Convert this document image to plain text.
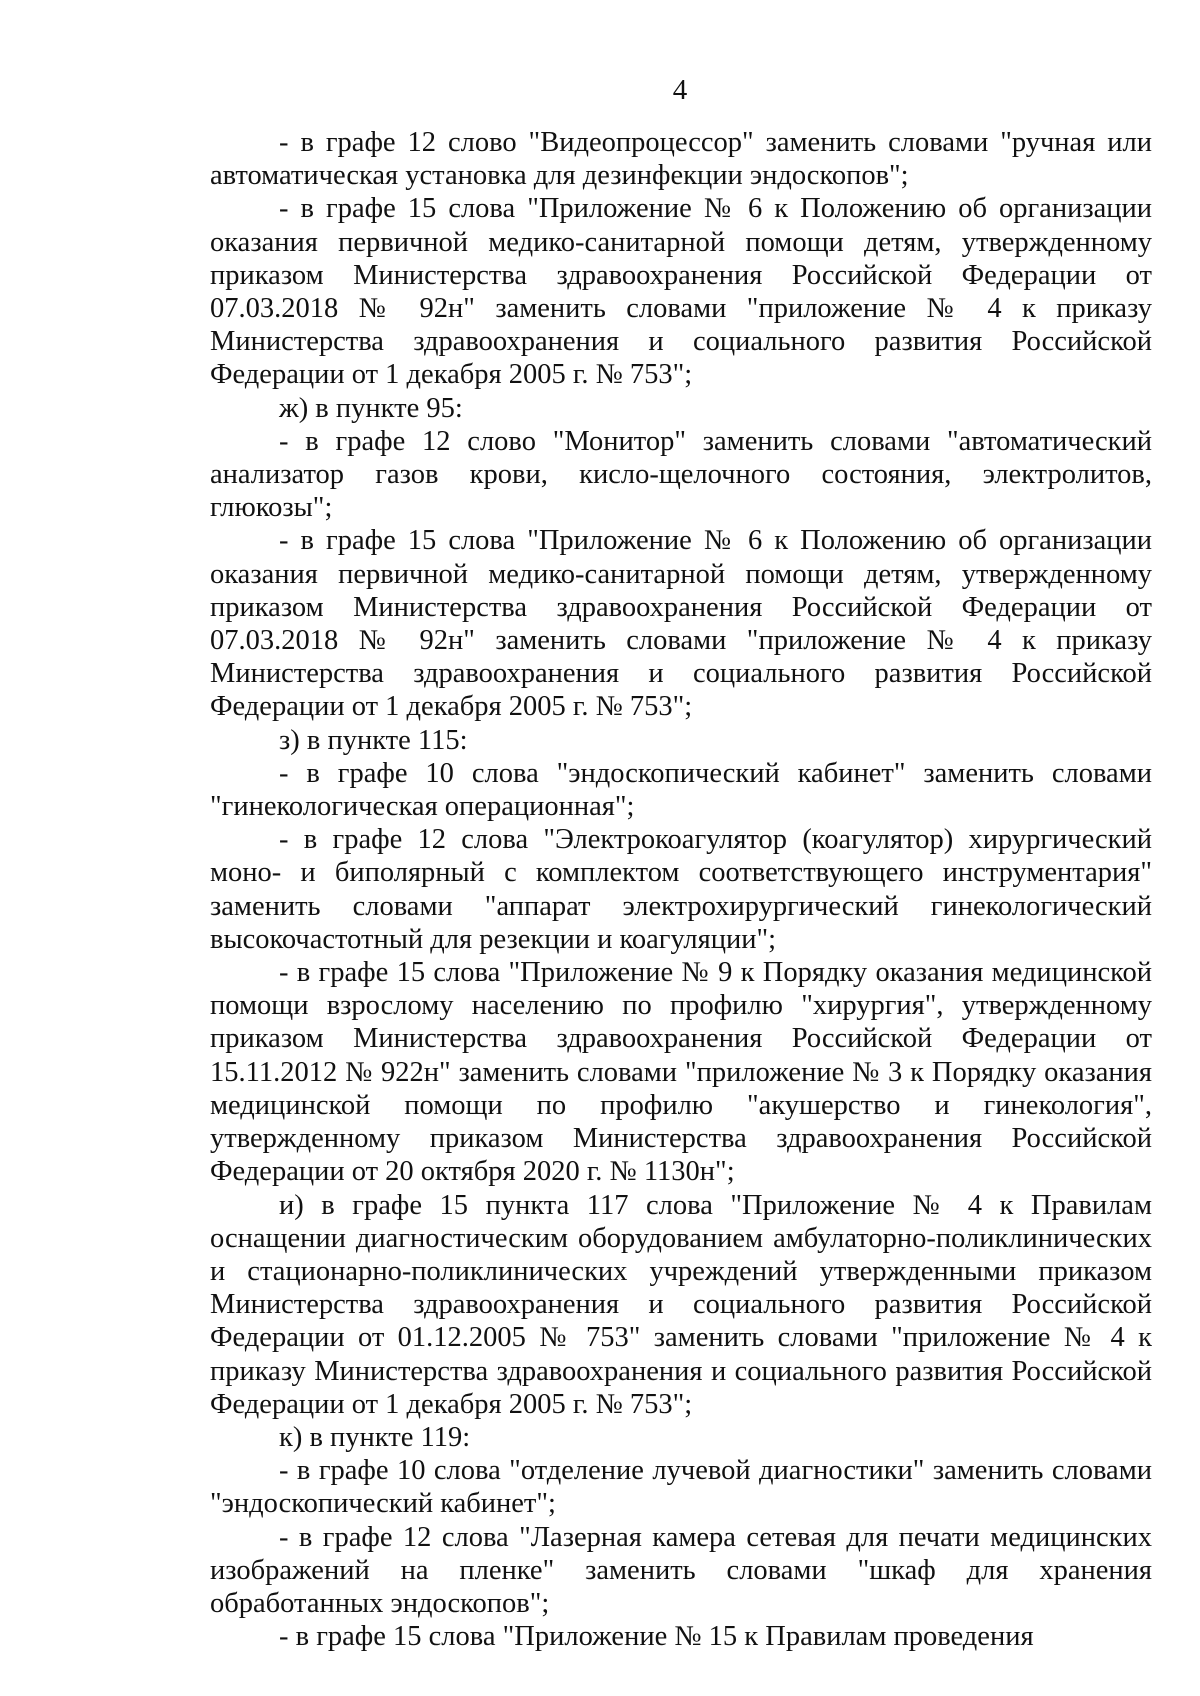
4

- в графе 12 слово "Видеопроцессор" заменить словами "ручная или автоматическая установка для дезинфекции эндоскопов";

- в графе 15 слова "Приложение № 6 к Положению об организации оказания первичной медико-санитарной помощи детям, утвержденному приказом Министерства здравоохранения Российской Федерации от 07.03.2018 № 92н" заменить словами "приложение № 4 к приказу Министерства здравоохранения и социального развития Российской Федерации от 1 декабря 2005 г. № 753";

ж) в пункте 95:

- в графе 12 слово "Монитор" заменить словами "автоматический анализатор газов крови, кисло-щелочного состояния, электролитов, глюкозы";

- в графе 15 слова "Приложение № 6 к Положению об организации оказания первичной медико-санитарной помощи детям, утвержденному приказом Министерства здравоохранения Российской Федерации от 07.03.2018 № 92н" заменить словами "приложение № 4 к приказу Министерства здравоохранения и социального развития Российской Федерации от 1 декабря 2005 г. № 753";

з) в пункте 115:

- в графе 10 слова "эндоскопический кабинет" заменить словами "гинекологическая операционная";

- в графе 12 слова "Электрокоагулятор (коагулятор) хирургический моно- и биполярный с комплектом соответствующего инструментария" заменить словами "аппарат электрохирургический гинекологический высокочастотный для резекции и коагуляции";

- в графе 15 слова "Приложение № 9 к Порядку оказания медицинской помощи взрослому населению по профилю "хирургия", утвержденному приказом Министерства здравоохранения Российской Федерации от 15.11.2012 № 922н" заменить словами "приложение № 3 к Порядку оказания медицинской помощи по профилю "акушерство и гинекология", утвержденному приказом Министерства здравоохранения Российской Федерации от 20 октября 2020 г. № 1130н";

и) в графе 15 пункта 117 слова "Приложение № 4 к Правилам оснащении диагностическим оборудованием амбулаторно-поликлинических и стационарно-поликлинических учреждений утвержденными приказом Министерства здравоохранения и социального развития Российской Федерации от 01.12.2005 № 753" заменить словами "приложение № 4 к приказу Министерства здравоохранения и социального развития Российской Федерации от 1 декабря 2005 г. № 753";

к) в пункте 119:

- в графе 10 слова "отделение лучевой диагностики" заменить словами "эндоскопический кабинет";

- в графе 12 слова "Лазерная камера сетевая для печати медицинских изображений на пленке" заменить словами "шкаф для хранения обработанных эндоскопов";

- в графе 15 слова "Приложение № 15 к Правилам проведения
